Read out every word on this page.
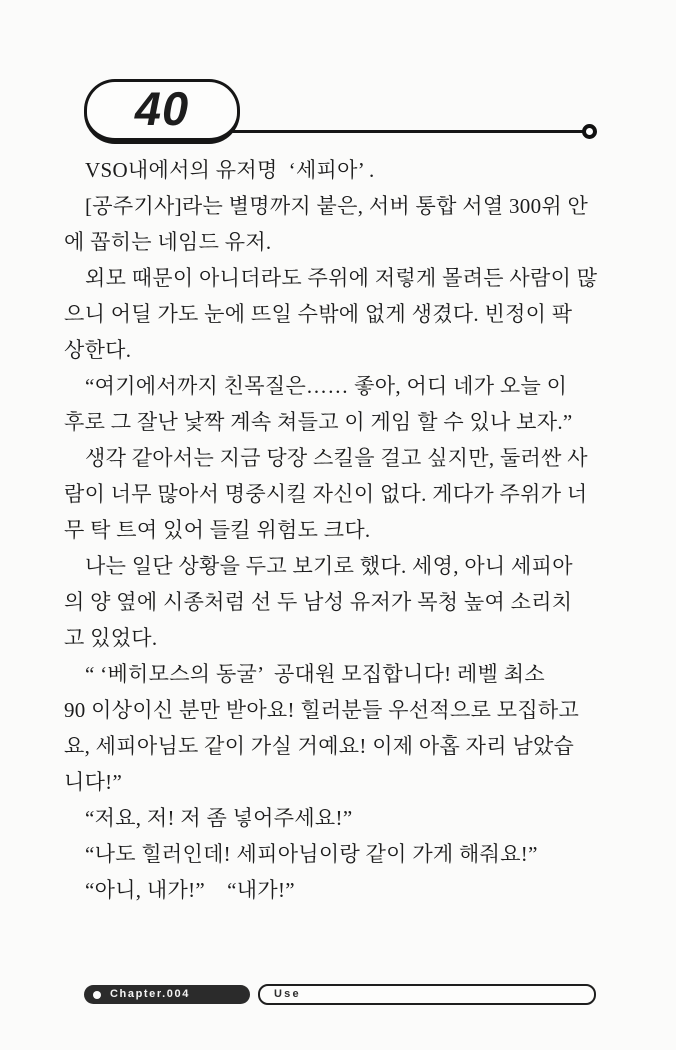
40
VSO내에서의 유저명  ‘세피아’ .
[공주기사]라는 별명까지 붙은, 서버 통합 서열 300위 안
에 꼽히는 네임드 유저.
외모 때문이 아니더라도 주위에 저렇게 몰려든 사람이 많
으니 어딜 가도 눈에 뜨일 수밖에 없게 생겼다. 빈정이 팍
상한다.
“여기에서까지 친목질은…… 좋아, 어디 네가 오늘 이
후로 그 잘난 낯짝 계속 쳐들고 이 게임 할 수 있나 보자.”
생각 같아서는 지금 당장 스킬을 걸고 싶지만, 둘러싼 사
람이 너무 많아서 명중시킬 자신이 없다. 게다가 주위가 너
무 탁 트여 있어 들킬 위험도 크다.
나는 일단 상황을 두고 보기로 했다. 세영, 아니 세피아
의 양 옆에 시종처럼 선 두 남성 유저가 목청 높여 소리치
고 있었다.
“ ‘베히모스의 동굴’  공대원 모집합니다! 레벨 최소
90 이상이신 분만 받아요! 힐러분들 우선적으로 모집하고
요, 세피아님도 같이 가실 거예요! 이제 아홉 자리 남았습
니다!”
“저요, 저! 저 좀 넣어주세요!”
“나도 힐러인데! 세피아님이랑 같이 가게 해줘요!”
“아니, 내가!”    “내가!”
Chapter.004	Use
